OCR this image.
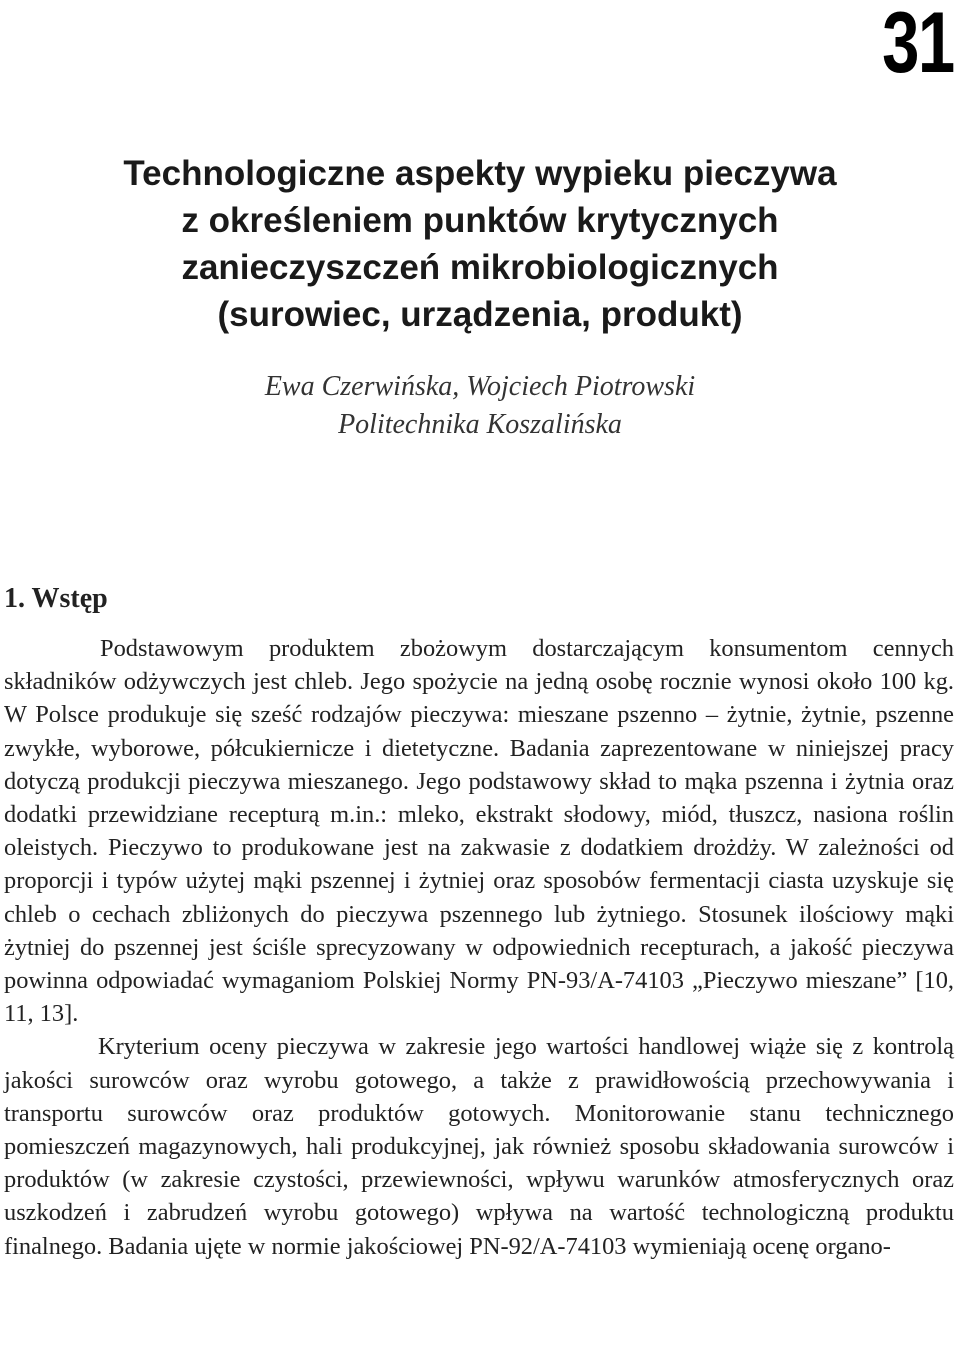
31
Technologiczne aspekty wypieku pieczywa
z określeniem punktów krytycznych
zanieczyszczeń mikrobiologicznych
(surowiec, urządzenia, produkt)
Ewa Czerwińska, Wojciech Piotrowski
Politechnika Koszalińska
1. Wstęp

Podstawowym produktem zbożowym dostarczającym konsumentom cennych składników odżywczych jest chleb. Jego spożycie na jedną osobę rocznie wynosi około 100 kg. W Polsce produkuje się sześć rodzajów pieczywa: mieszane pszenno – żytnie, żytnie, pszenne zwykłe, wyborowe, półcukiernicze i dietetyczne. Badania zaprezentowane w niniejszej pracy dotyczą produkcji pieczywa mieszanego. Jego podstawowy skład to mąka pszenna i żytnia oraz dodatki przewidziane recepturą m.in.: mleko, ekstrakt słodowy, miód, tłuszcz, nasiona roślin oleistych. Pieczywo to produkowane jest na zakwasie z dodatkiem drożdży. W zależności od proporcji i typów użytej mąki pszennej i żytniej oraz sposobów fermentacji ciasta uzyskuje się chleb o cechach zbliżonych do pieczywa pszennego lub żytniego. Stosunek ilościowy mąki żytniej do pszennej jest ściśle sprecyzowany w odpowiednich recepturach, a jakość pieczywa powinna odpowiadać wymaganiom Polskiej Normy PN-93/A-74103 „Pieczywo mieszane” [10, 11, 13].

Kryterium oceny pieczywa w zakresie jego wartości handlowej wiąże się z kontrolą jakości surowców oraz wyrobu gotowego, a także z prawidłowością przechowywania i transportu surowców oraz produktów gotowych. Monitorowanie stanu technicznego pomieszczeń magazynowych, hali produkcyjnej, jak również sposobu składowania surowców i produktów (w zakresie czystości, przewiewności, wpływu warunków atmosferycznych oraz uszkodzeń i zabrudzeń wyrobu gotowego) wpływa na wartość technologiczną produktu finalnego. Badania ujęte w normie jakościowej PN-92/A-74103 wymieniają ocenę organo-
